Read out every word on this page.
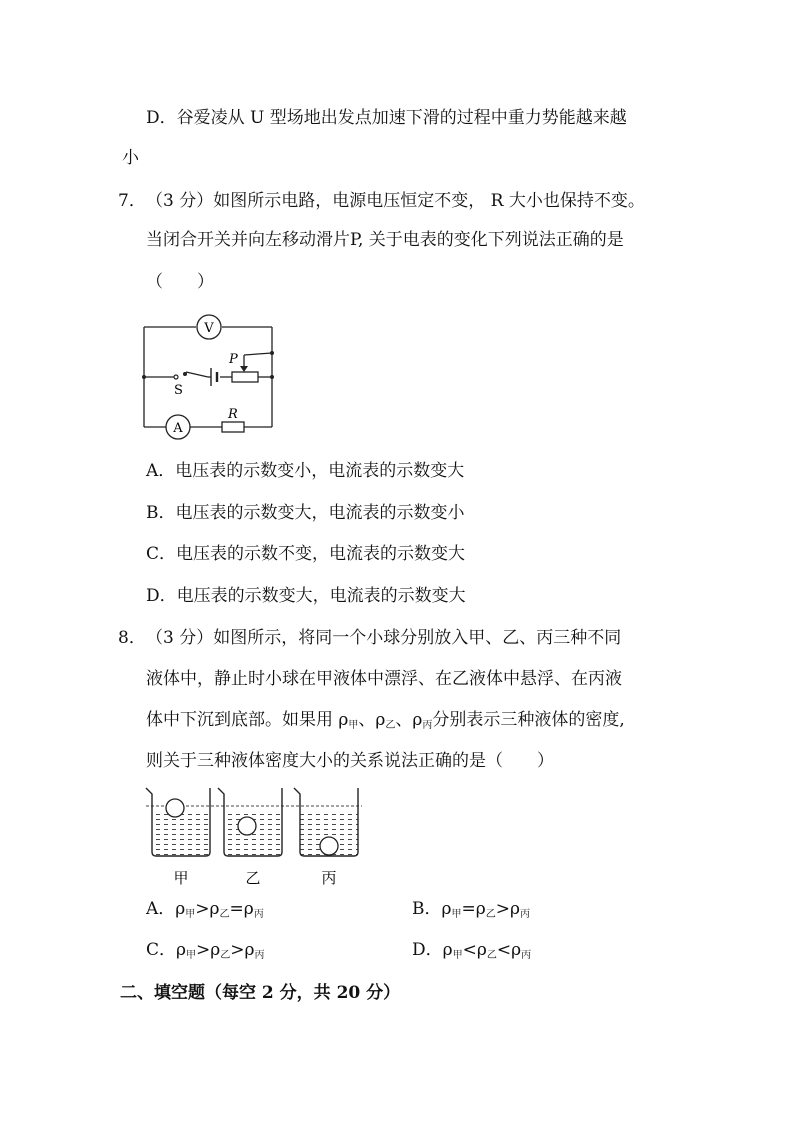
D．谷爱凌从 U 型场地出发点加速下滑的过程中重力势能越来越
小
7． （3 分）如图所示电路，电源电压恒定不变， R 大小也保持不变。
当闭合开关并向左移动滑片P, 关于电表的变化下列说法正确的是
（　　）
V
S
P
A
R
A．电压表的示数变小，电流表的示数变大
B．电压表的示数变大，电流表的示数变小
C．电压表的示数不变，电流表的示数变大
D．电压表的示数变大，电流表的示数变大
8． （3 分）如图所示，将同一个小球分别放入甲、乙、丙三种不同
液体中，静止时小球在甲液体中漂浮、在乙液体中悬浮、在丙液
体中下沉到底部。如果用 $\rho_甲$、$\rho_乙$、$\rho_丙$分别表示三种液体的密度,
则关于三种液体密度大小的关系说法正确的是（　　）
甲	乙	丙
A．$\rho_甲>\rho_乙=\rho_丙$	B．$\rho_甲=\rho_乙>\rho_丙$
C．$\rho_甲>\rho_乙>\rho_丙$	D．$\rho_甲<\rho_乙<\rho_丙$
二、填空题（每空 2 分，共 20 分）
